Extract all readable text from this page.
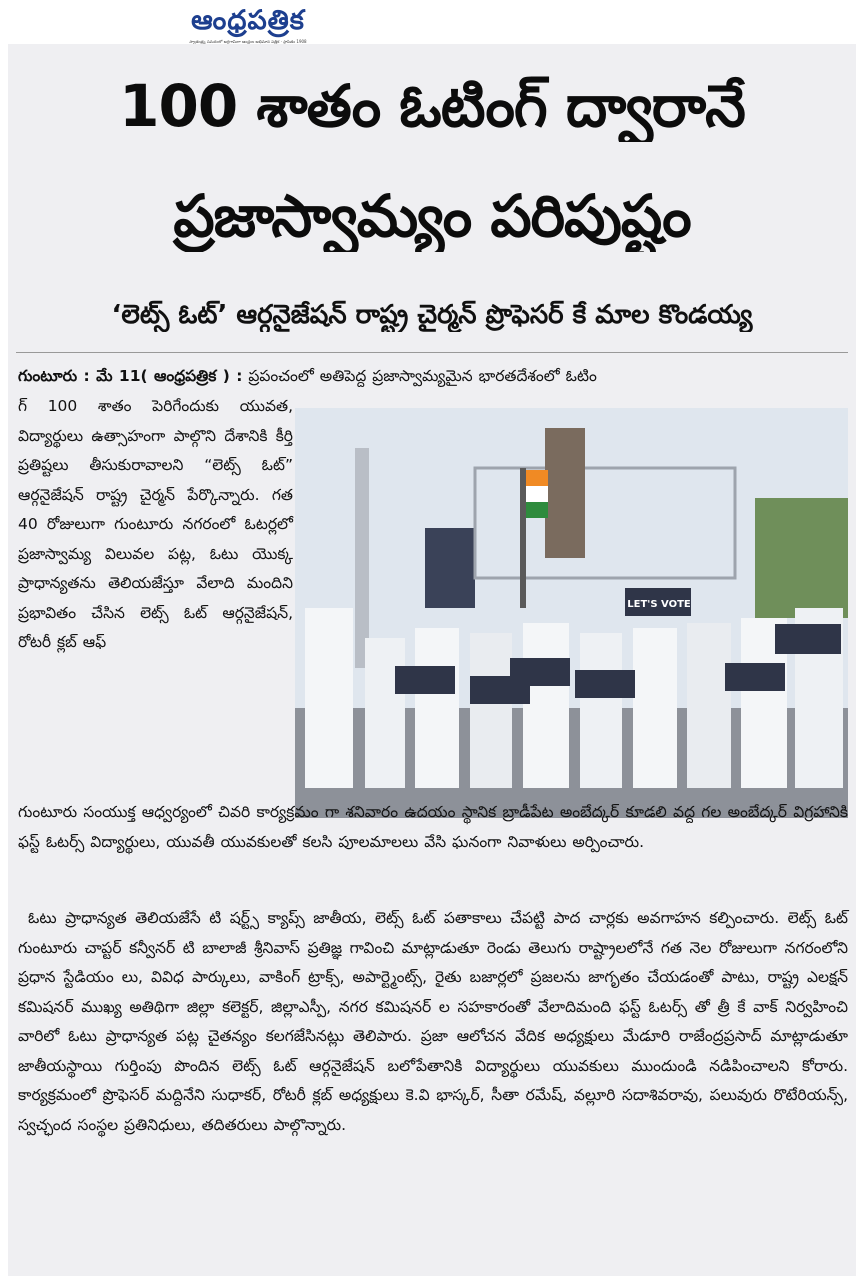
ఆంధ్రపత్రిక
స్వాతంత్ర్య సమరంలో అగ్రగామిగా ఆంధ్రుల అభిమాన పత్రిక · స్థాపితం 1908
100 శాతం ఓటింగ్ ద్వారానే
ప్రజాస్వామ్యం పరిపుష్టం
‘లెట్స్ ఓట్’ ఆర్గనైజేషన్ రాష్ట్ర చైర్మన్ ప్రొఫెసర్ కే మాల కొండయ్య
గుంటూరు : మే 11( ఆంధ్రపత్రిక ) : ప్రపంచంలో అతిపెద్ద ప్రజాస్వామ్యమైన భారతదేశంలో ఓటిం
గ్ 100 శాతం పెరిగేందుకు యువత, విద్యార్థులు ఉత్సాహంగా పాల్గొని దేశానికి కీర్తి ప్రతిష్టలు తీసుకురావాలని “లెట్స్ ఓట్” ఆర్గనైజేషన్ రాష్ట్ర చైర్మన్ పేర్కొన్నారు. గత 40 రోజులుగా గుంటూరు నగరంలో ఓటర్లలో ప్రజాస్వామ్య విలువల పట్ల, ఓటు యొక్క ప్రాధాన్యతను తెలియజేస్తూ వేలాది మందిని ప్రభావితం చేసిన లెట్స్ ఓట్ ఆర్గనైజేషన్, రోటరీ క్లబ్ ఆఫ్
LET'S VOTE
గుంటూరు సంయుక్త ఆధ్వర్యంలో చివరి కార్యక్రమం గా శనివారం ఉదయం స్థానిక బ్రాడీపేట అంబేద్కర్ కూడలి వద్ద గల అంబేద్కర్ విగ్రహానికి ఫస్ట్ ఓటర్స్ విద్యార్థులు, యువతీ యువకులతో కలసి పూలమాలలు వేసి ఘనంగా నివాళులు అర్పించారు.
ఓటు ప్రాధాన్యత తెలియజేసే టి షర్ట్స్ క్యాప్స్ జాతీయ, లెట్స్ ఓట్ పతాకాలు చేపట్టి పాద చార్లకు అవగాహన కల్పించారు. లెట్స్ ఓట్ గుంటూరు చాప్టర్ కన్వీనర్ టి బాలాజీ శ్రీనివాస్ ప్రతిజ్ఞ గావించి మాట్లాడుతూ రెండు తెలుగు రాష్ట్రాలలోనే గత నెల రోజులుగా నగరంలోని ప్రధాన స్టేడియం లు, వివిధ పార్కులు, వాకింగ్ ట్రాక్స్, అపార్ట్మెంట్స్, రైతు బజార్లలో ప్రజలను జాగృతం చేయడంతో పాటు, రాష్ట్ర ఎలక్షన్ కమిషనర్ ముఖ్య అతిథిగా జిల్లా కలెక్టర్, జిల్లాఎస్పీ, నగర కమిషనర్ ల సహకారంతో వేలాదిమంది ఫస్ట్ ఓటర్స్ తో త్రీ కే వాక్ నిర్వహించి వారిలో ఓటు ప్రాధాన్యత పట్ల చైతన్యం కలగజేసినట్లు తెలిపారు. ప్రజా ఆలోచన వేదిక అధ్యక్షులు మేడూరి రాజేంద్రప్రసాద్ మాట్లాడుతూ జాతీయస్థాయి గుర్తింపు పొందిన లెట్స్ ఓట్ ఆర్గనైజేషన్ బలోపేతానికి విద్యార్థులు యువకులు ముందుండి నడిపించాలని కోరారు. కార్యక్రమంలో ప్రొఫెసర్ మద్దినేని సుధాకర్, రోటరీ క్లబ్ అధ్యక్షులు కె.వి భాస్కర్, సీతా రమేష్, వల్లూరి సదాశివరావు, పలువురు రొటేరియన్స్, స్వచ్ఛంద సంస్థల ప్రతినిధులు, తదితరులు పాల్గొన్నారు.
